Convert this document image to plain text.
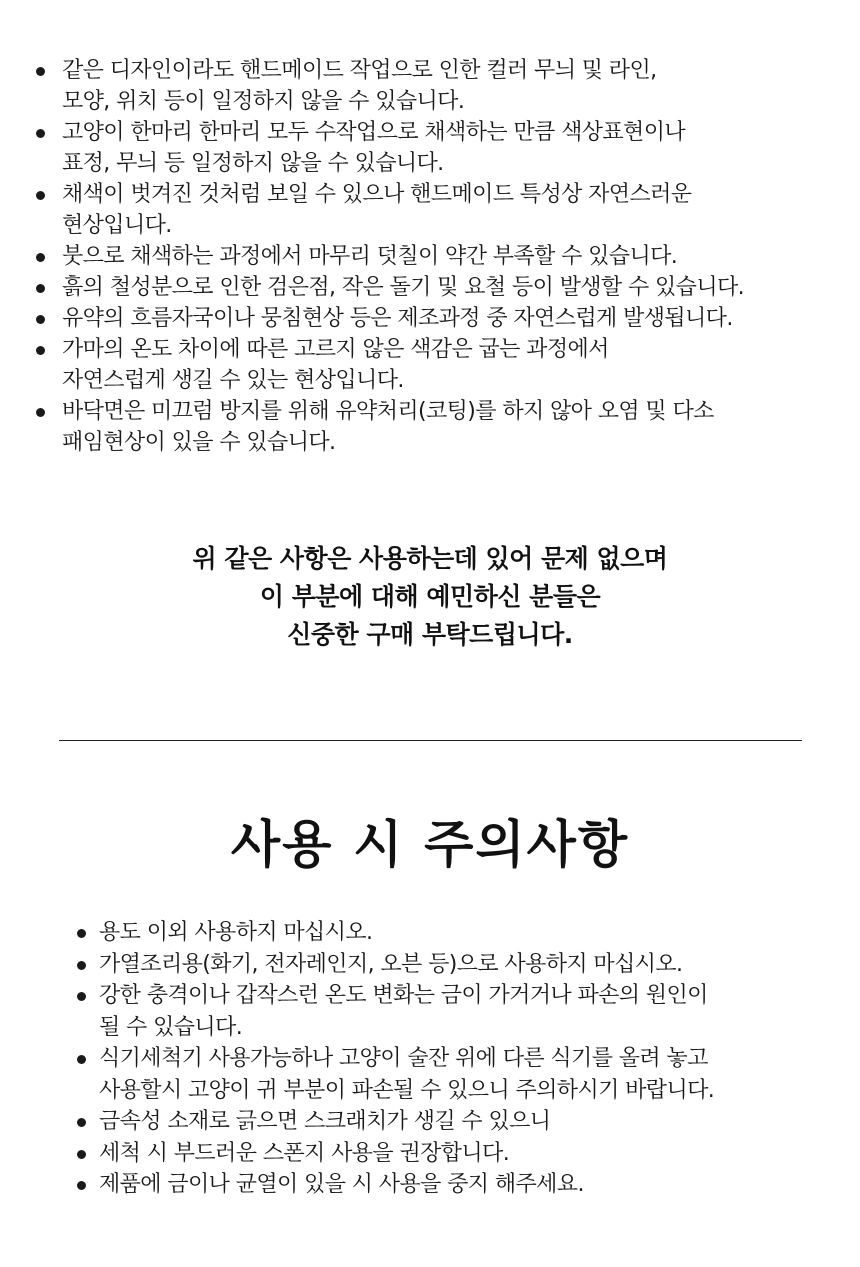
같은 디자인이라도 핸드메이드 작업으로 인한 컬러 무늬 및 라인,
모양, 위치 등이 일정하지 않을 수 있습니다.
고양이 한마리 한마리 모두 수작업으로 채색하는 만큼 색상표현이나
표정, 무늬 등 일정하지 않을 수 있습니다.
채색이 벗겨진 것처럼 보일 수 있으나 핸드메이드 특성상 자연스러운
현상입니다.
붓으로 채색하는 과정에서 마무리 덧칠이 약간 부족할 수 있습니다.
흙의 철성분으로 인한 검은점, 작은 돌기 및 요철 등이 발생할 수 있습니다.
유약의 흐름자국이나 뭉침현상 등은 제조과정 중 자연스럽게 발생됩니다.
가마의 온도 차이에 따른 고르지 않은 색감은 굽는 과정에서
자연스럽게 생길 수 있는 현상입니다.
바닥면은 미끄럼 방지를 위해 유약처리(코팅)를 하지 않아 오염 및 다소
패임현상이 있을 수 있습니다.
위 같은 사항은 사용하는데 있어 문제 없으며
이 부분에 대해 예민하신 분들은
신중한 구매 부탁드립니다.
사용 시 주의사항
용도 이외 사용하지 마십시오.
가열조리용(화기, 전자레인지, 오븐 등)으로 사용하지 마십시오.
강한 충격이나 갑작스런 온도 변화는 금이 가거거나 파손의 원인이
될 수 있습니다.
식기세척기 사용가능하나 고양이 술잔 위에 다른 식기를 올려 놓고
사용할시 고양이 귀 부분이 파손될 수 있으니 주의하시기 바랍니다.
금속성 소재로 긁으면 스크래치가 생길 수 있으니
세척 시 부드러운 스폰지 사용을 권장합니다.
제품에 금이나 균열이 있을 시 사용을 중지 해주세요.
